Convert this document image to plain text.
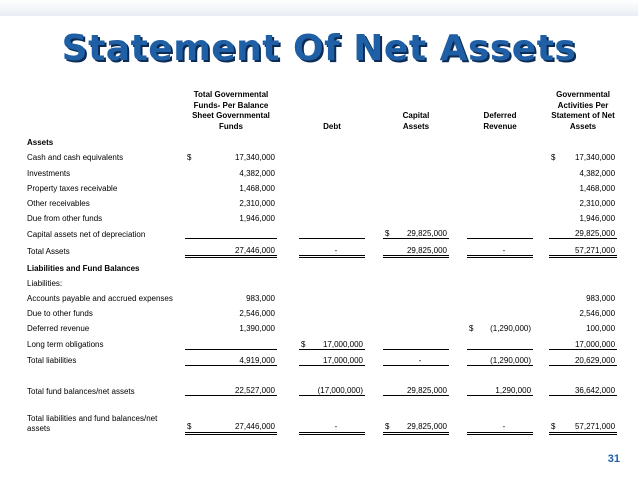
Statement Of Net Assets
	Total Governmental Funds- Per Balance Sheet Governmental Funds			Debt			Capital Assets			Deferred Revenue			Governmental Activities Per Statement of Net Assets	
Assets														
Cash and cash equivalents	$	17,340,000											$	17,340,000
Investments		4,382,000												4,382,000
Property taxes receivable		1,468,000												1,468,000
Other receivables		2,310,000												2,310,000
Due from other funds		1,946,000												1,946,000
Capital assets net of depreciation							$	29,825,000						29,825,000
Total Assets		27,446,000			-			29,825,000			-			57,271,000
Liabilities and Fund Balances														
Liabilities:														
Accounts payable and accrued expenses		983,000												983,000
Due to other funds		2,546,000												2,546,000
Deferred revenue		1,390,000								$	(1,290,000)			100,000
Long term obligations				$	17,000,000									17,000,000
Total liabilities		4,919,000			17,000,000			-			(1,290,000)			20,629,000

Total fund balances/net assets		22,527,000			(17,000,000)			29,825,000			1,290,000			36,642,000

Total liabilities and fund balances/net assets	$	27,446,000			-		$	29,825,000			-		$	57,271,000
31
